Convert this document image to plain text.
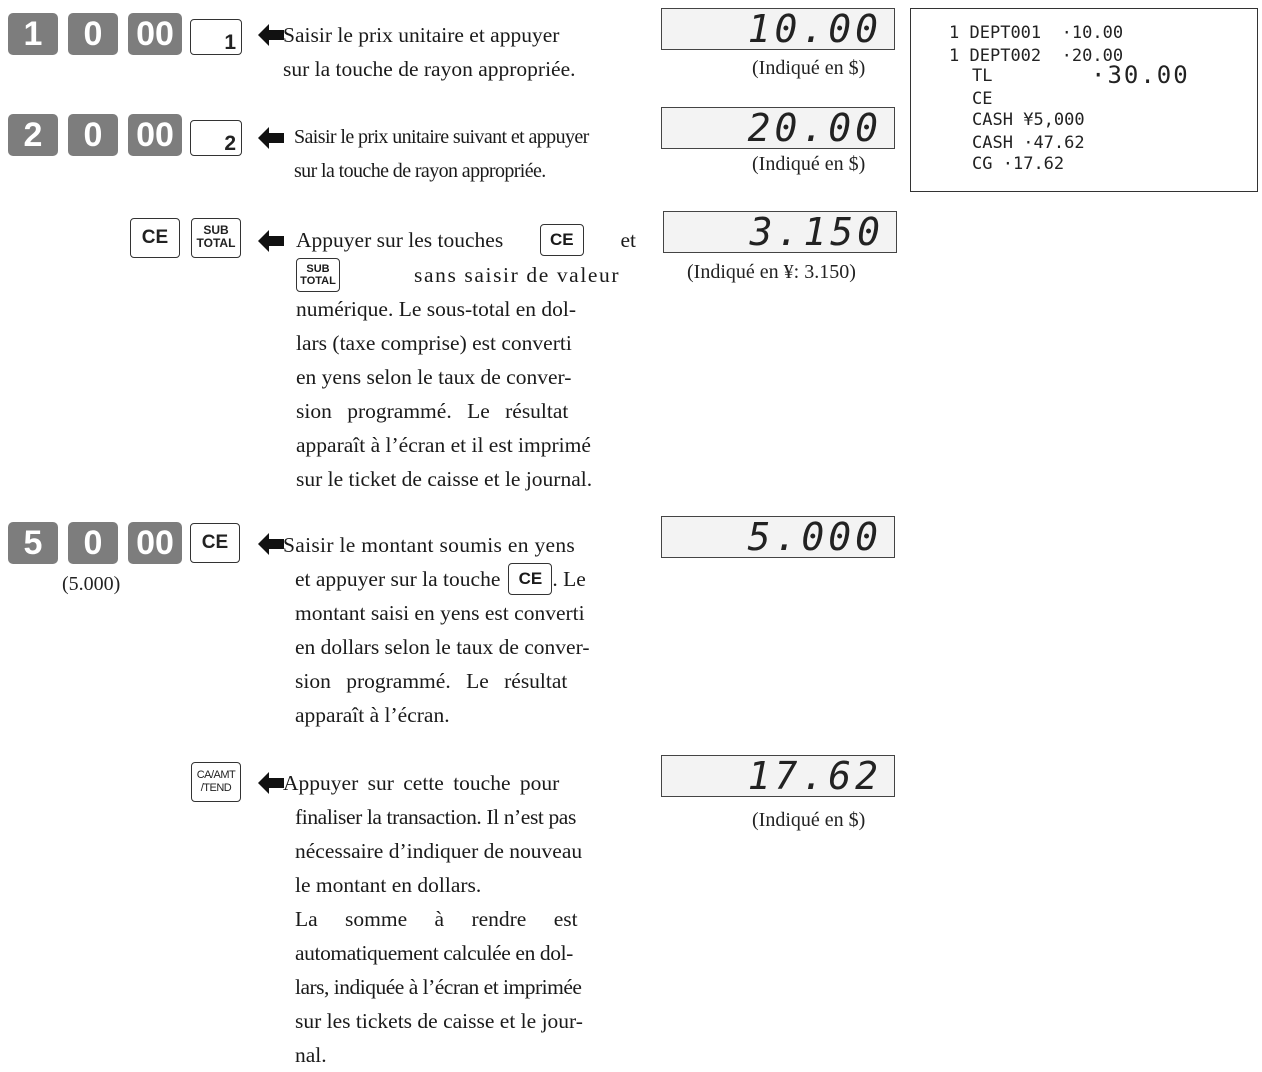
1	0 00	1 Saisir le prix unitaire et appuyer
sur la touche de rayon appropriée.
10.00
(Indiqué en $)
2	0 00	2	Saisir le prix unitaire suivant et appuyer
sur la touche de rayon appropriée.
20.00
(Indiqué en $)
CE	SUB
TOTAL	Appuyer sur les touches	CE	et
SUB
TOTAL	sans saisir de valeur
numérique. Le sous-total en dol-
lars (taxe comprise) est converti
en yens selon le taux de conver-
sion programmé. Le résultat
apparaît à l’écran et il est imprimé
sur le ticket de caisse et le journal.
3.150
(Indiqué en ¥: 3.150)
5	0 00	CE
(5.000)
Saisir le montant soumis en yens
et appuyer sur la touche	CE . Le
montant saisi en yens est converti
en dollars selon le taux de conver-
sion programmé. Le résultat
apparaît à l’écran.
5.000
CA/AMT
/TEND	Appuyer sur cette touche pour
finaliser la transaction. Il n’est pas
nécessaire d’indiquer de nouveau
le montant en dollars.
La somme à rendre est
automatiquement calculée en dol-
lars, indiquée à l’écran et imprimée
sur les tickets de caisse et le jour-
nal.
17.62
(Indiqué en $)
1 DEPT001 ·10.00
1 DEPT002 ·20.00
TL	·30.00
CE
CASH ¥5,000
CASH ·47.62
CG ·17.62
